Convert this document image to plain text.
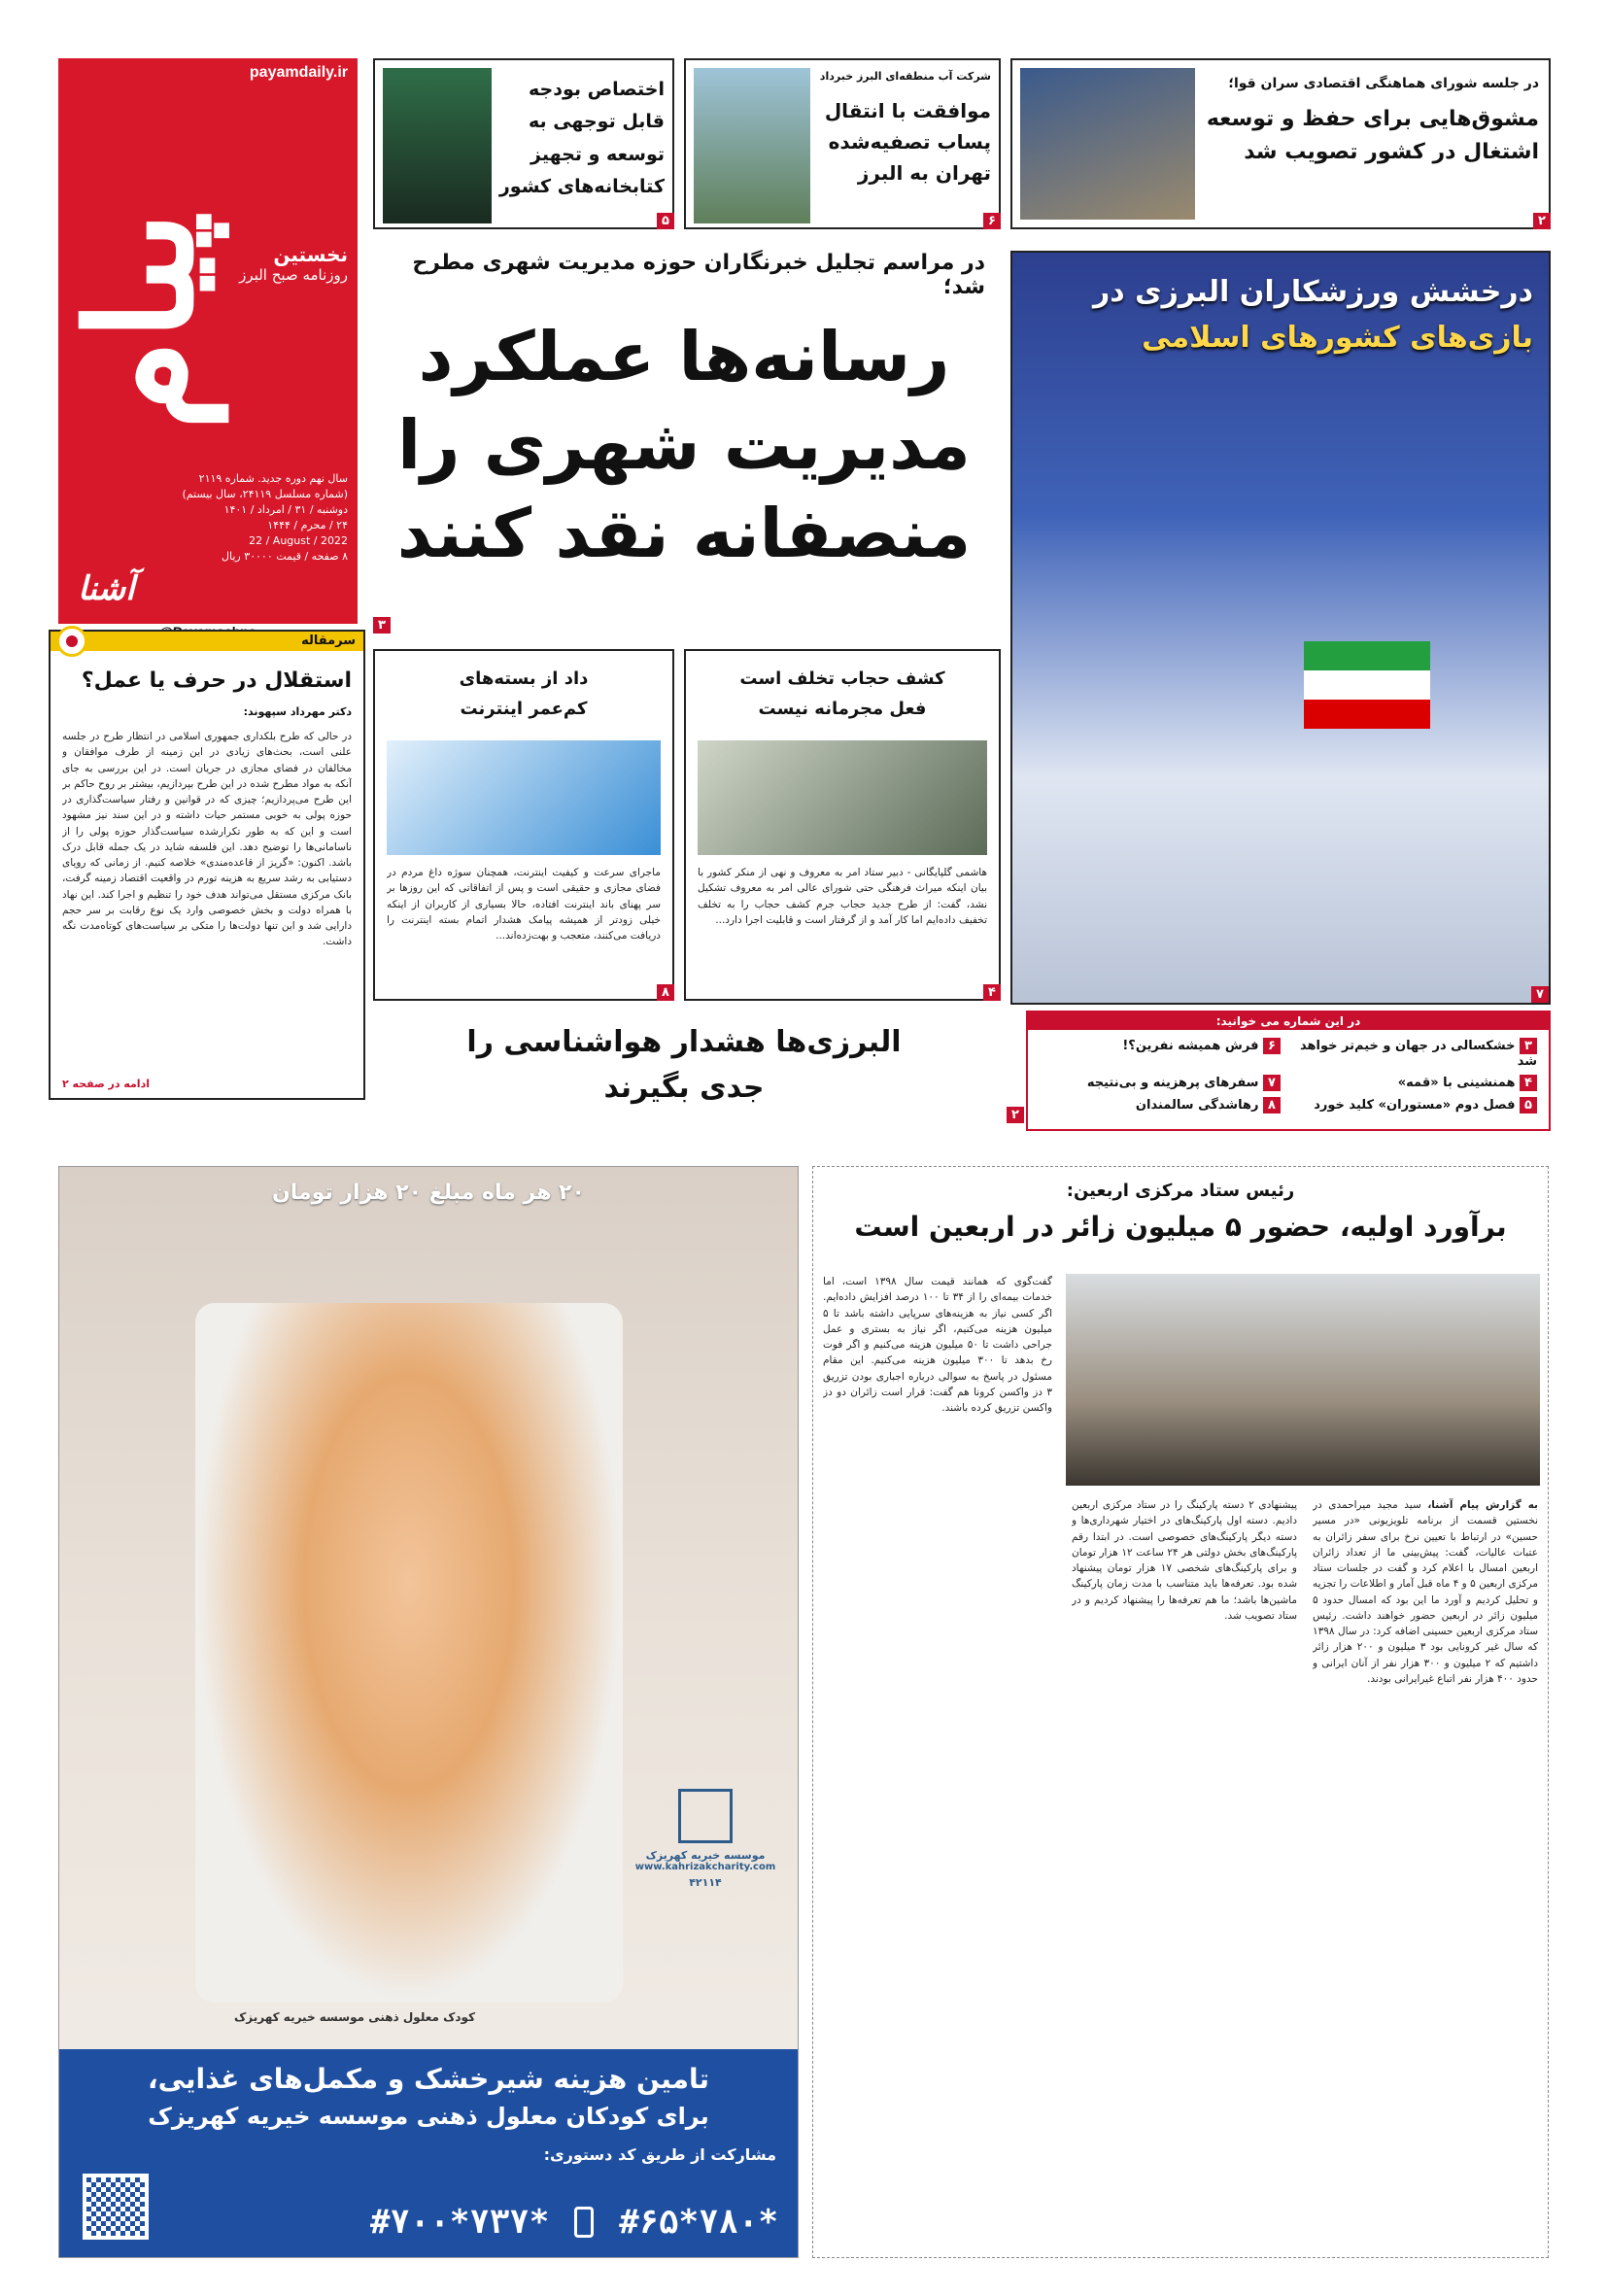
payamdaily.ir
پیام
آشنا
نخستین
روزنامه صبح البرز
سال نهم دوره جدید. شماره ۲۱۱۹
(شماره مسلسل ۲۴۱۱۹، سال بیستم)
دوشنبه / ۳۱ / امرداد / ۱۴۰۱
۲۴ / محرم / ۱۴۴۴
22 / August / 2022
۸ صفحه / قیمت ۳۰۰۰۰ ریال
در جلسه شورای هماهنگی اقتصادی سران قوا؛
مشوق‌هایی برای حفظ و توسعه اشتغال در کشور تصویب شد
۲
شرکت آب منطقه‌ای البرز خبرداد
موافقت با انتقال پساب تصفیه‌شده تهران به البرز
۶
اختصاص بودجه قابل توجهی به توسعه و تجهیز کتابخانه‌های کشور
۵
در مراسم تجلیل خبرنگاران حوزه مدیریت شهری مطرح شد؛
رسانه‌ها عملکرد
مدیریت شهری را
منصفانه نقد کنند
۳
درخشش ورزشکاران البرزی در
بازی‌های کشورهای اسلامی
۷
سرمقاله
استقلال در حرف یا عمل؟
دکتر مهرداد سپهوند:
در حالی که طرح بلکداری جمهوری اسلامی در انتظار طرح در جلسه علنی است، بحث‌های زیادی در این زمینه از طرف موافقان و مخالفان در فضای مجازی در جریان است. در این بررسی به جای آنکه به مواد مطرح شده در این طرح بپردازیم، بیشتر بر روح حاکم بر این طرح می‌پردازیم؛ چیزی که در قوانین و رفتار سیاست‌گذاری در حوزه پولی به خوبی مستمر حیات داشته و در این سند نیز مشهود است و این که به طور تکرارشده سیاست‌گذار حوزه پولی را از ناسامانی‌ها را توضیح دهد. این فلسفه شاید در یک جمله قابل درک باشد. اکنون: «گریز از قاعده‌مندی» خلاصه کنیم. از زمانی که رویای دستیابی به رشد سریع به هزینه تورم در واقعیت اقتصاد زمینه گرفت، بانک مرکزی مستقل می‌تواند هدف خود را تنظیم و اجرا کند. این نهاد با همراه دولت و بخش خصوصی وارد یک نوع رقابت بر سر حجم دارایی شد و این تنها دولت‌ها را متکی بر سیاست‌های کوتاه‌مدت نگه داشت.
ادامه در صفحه ۲
کشف حجاب تخلف است
فعل مجرمانه نیست
هاشمی گلپایگانی - دبیر ستاد امر به معروف و نهی از منکر کشور با بیان اینکه میراث فرهنگی حتی شورای عالی امر به معروف تشکیل نشد، گفت: از طرح جدید حجاب جرم کشف حجاب را به تخلف تخفیف داده‌ایم اما کار آمد و از گرفتار است و قابلیت اجرا دارد...
۴
داد از بسته‌های
کم‌عمر اینترنت
ماجرای سرعت و کیفیت اینترنت، همچنان سوژه داغ مردم در فضای مجازی و حقیقی است و پس از اتفاقاتی که این روزها بر سر پهنای باند اینترنت افتاده، حالا بسیاری از کاربران از اینکه خیلی زودتر از همیشه پیامک هشدار اتمام بسته اینترنت را دریافت می‌کنند، متعجب و بهت‌زده‌اند...
۸
در این شماره می خوانید:
۳ خشکسالی در جهان و خیم‌تر خواهد شد
۶ فرش همیشه نفرین؟!
۴ همنشینی با «قمه»
۷ سفرهای پرهزینه و بی‌نتیجه
۵ فصل دوم «مستوران» کلید خورد
۸ رهاشدگی سالمندان
البرزی‌ها هشدار هواشناسی را
جدی بگیرند
۲
۲۰ هر ماه مبلغ ۲۰ هزار تومان
موسسه خیریه کهریزک
www.kahrizakcharity.com
۴۲۱۱۴
کودک معلول ذهنی موسسه خیریه کهریزک
تامین هزینه شیرخشک و مکمل‌های غذایی،
برای کودکان معلول ذهنی موسسه خیریه کهریزک
مشارکت از طریق کد دستوری:
#۶۵*۷۸۰*
#۷۰۰*۷۳۷*
رئیس ستاد مرکزی اربعین:
برآورد اولیه، حضور ۵ میلیون زائر در اربعین است
به گزارش پیام آشنا، سید مجید میراحمدی در نخستین قسمت از برنامه تلویزیونی «در مسیر حسین» در ارتباط با تعیین نرخ برای سفر زائران به عتبات عالیات، گفت: پیش‌بینی ما از تعداد زائران اربعین امسال با اعلام کرد و گفت در جلسات ستاد مرکزی اربعین ۵ و ۴ ماه قبل آمار و اطلاعات را تجزیه و تحلیل کردیم و آورد ما این بود که امسال حدود ۵ میلیون زائر در اربعین حضور خواهند داشت. رئیس ستاد مرکزی اربعین حسینی اضافه کرد: در سال ۱۳۹۸ که سال غیر کرونایی بود ۳ میلیون و ۲۰۰ هزار زائر داشتیم که ۲ میلیون و ۳۰۰ هزار نفر از آنان ایرانی و حدود ۴۰۰ هزار نفر اتباع غیرایرانی بودند.
پیشنهادی ۲ دسته پارکینگ را در ستاد مرکزی اربعین دادیم. دسته اول پارکینگ‌های در اختیار شهرداری‌ها و دسته دیگر پارکینگ‌های خصوصی است. در ابتدا رقم پارکینگ‌های بخش دولتی هر ۲۴ ساعت ۱۲ هزار تومان و برای پارکینگ‌های شخصی ۱۷ هزار تومان پیشنهاد شده بود. تعرفه‌ها باید متناسب با مدت زمان پارکینگ ماشین‌ها باشد؛ ما هم تعرفه‌ها را پیشنهاد کردیم و در ستاد تصویب شد.
گفت‌گوی که همانند قیمت سال ۱۳۹۸ است، اما خدمات بیمه‌ای را از ۳۴ تا ۱۰۰ درصد افزایش داده‌ایم. اگر کسی نیاز به هزینه‌های سرپایی داشته باشد تا ۵ میلیون هزینه می‌کنیم، اگر نیاز به بستری و عمل جراحی داشت تا ۵۰ میلیون هزینه می‌کنیم و اگر فوت رخ بدهد تا ۳۰۰ میلیون هزینه می‌کنیم. این مقام مسئول در پاسخ به سوالی درباره اجباری بودن تزریق ۳ دز واکسن کرونا هم گفت: قرار است زائران دو دز واکسن تزریق کرده باشند.
